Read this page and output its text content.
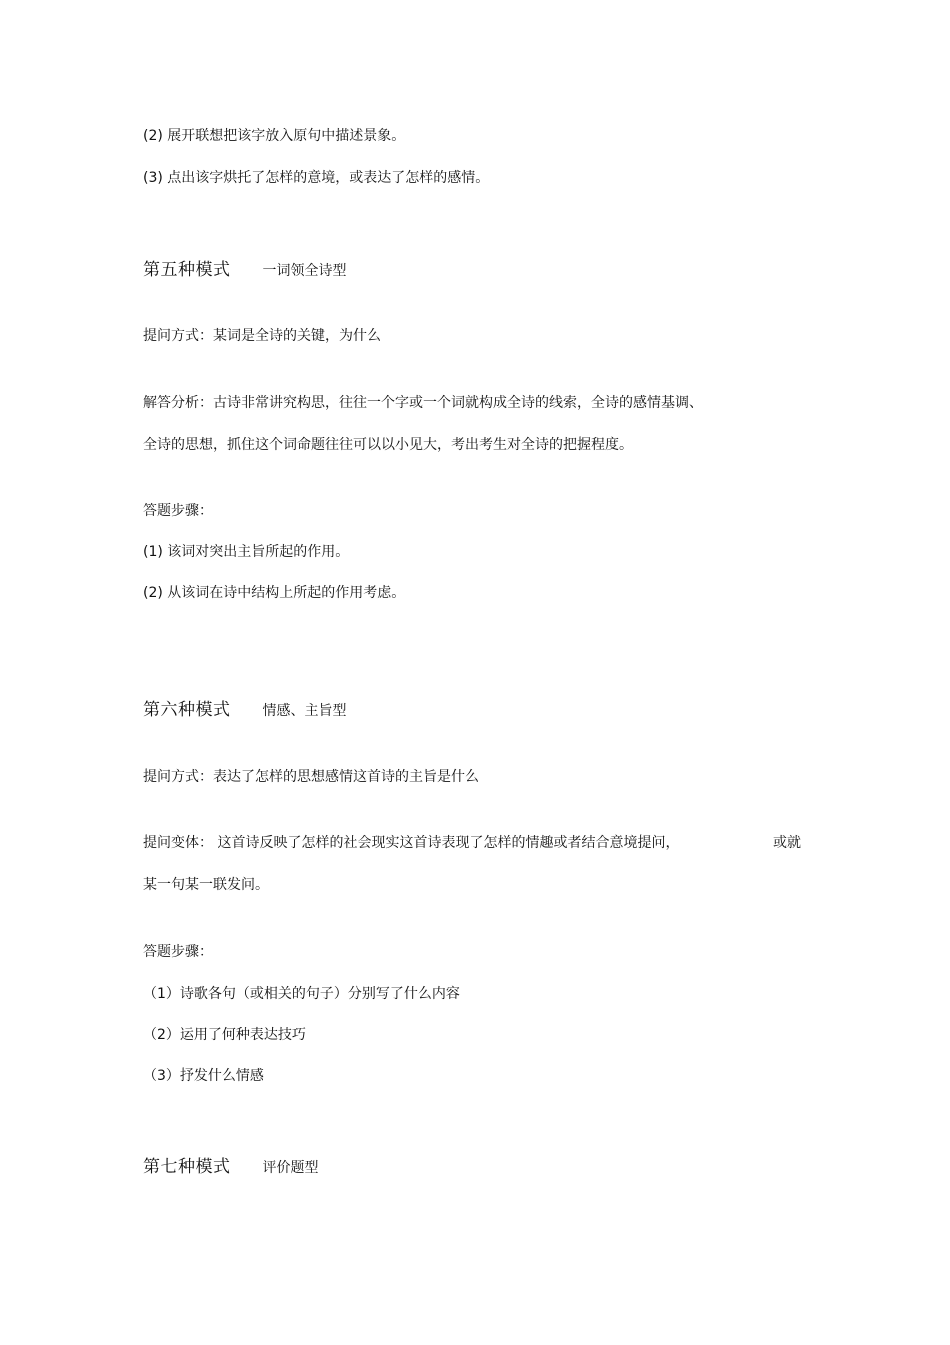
(2) 展开联想把该字放入原句中描述景象。
(3) 点出该字烘托了怎样的意境，或表达了怎样的感情。
第五种模式 一词领全诗型
提问方式：某词是全诗的关键，为什么
解答分析：古诗非常讲究构思，往往一个字或一个词就构成全诗的线索，全诗的感情基调、
全诗的思想，抓住这个词命题往往可以以小见大，考出考生对全诗的把握程度。
答题步骤：
(1) 该词对突出主旨所起的作用。
(2) 从该词在诗中结构上所起的作用考虑。
第六种模式 情感、主旨型
提问方式：表达了怎样的思想感情这首诗的主旨是什么
提问变体： 这首诗反映了怎样的社会现实这首诗表现了怎样的情趣或者结合意境提问，	或就
某一句某一联发问。
答题步骤：
（1）诗歌各句（或相关的句子）分别写了什么内容
（2）运用了何种表达技巧
（3）抒发什么情感
第七种模式 评价题型
